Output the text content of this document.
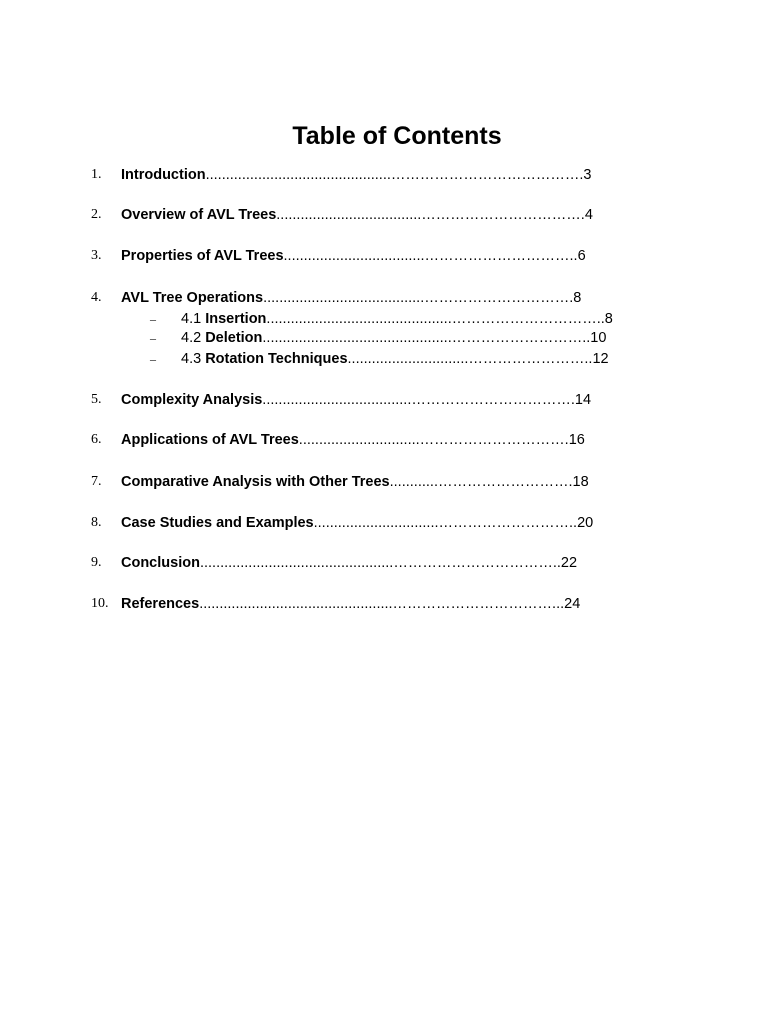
Table of Contents
1. Introduction..............................................………………………………….3
2. Overview of AVL Trees....................................…………………………….4
3. Properties of AVL Trees...................................…………………………..6
4. AVL Tree Operations........................................………………………….8
– 4.1 Insertion..............................................…………………………..8
– 4.2 Deletion...............................................………………………..10
– 4.3 Rotation Techniques..............................……………………..12
5. Complexity Analysis.....................................…………………………….14
6. Applications of AVL Trees..............................………………………….16
7. Comparative Analysis with Other Trees............……………………….18
8. Case Studies and Examples...............................………………………..20
9. Conclusion................................................……………………………..22
10. References................................................……………………………...24
